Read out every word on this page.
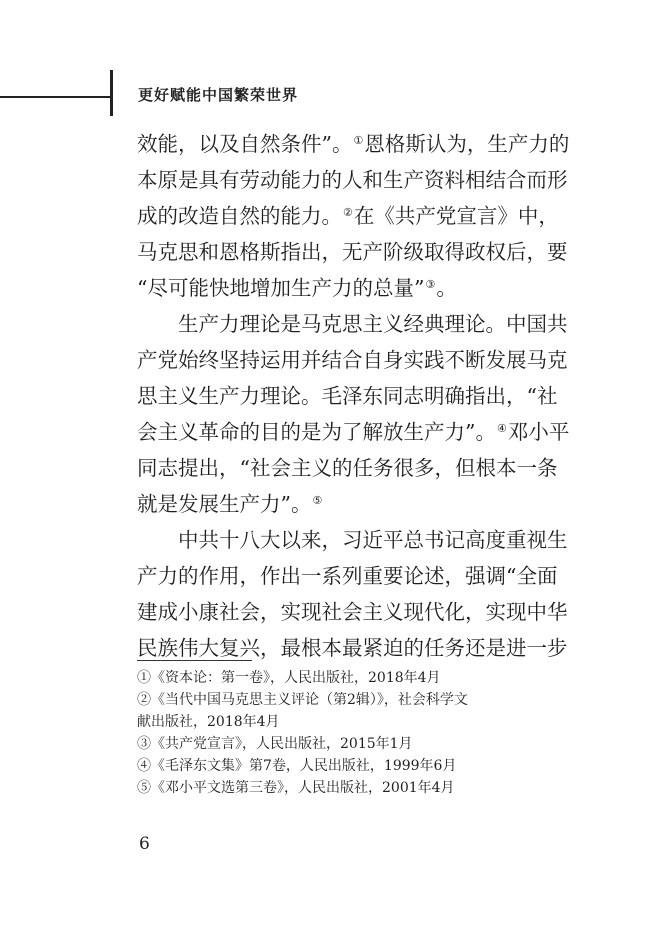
更好赋能中国繁荣世界
效能，以及自然条件”。①恩格斯认为，生产力的
本原是具有劳动能力的人和生产资料相结合而形
成的改造自然的能力。②在《共产党宣言》中，
马克思和恩格斯指出，无产阶级取得政权后，要
“尽可能快地增加生产力的总量”③。
生产力理论是马克思主义经典理论。中国共
产党始终坚持运用并结合自身实践不断发展马克
思主义生产力理论。毛泽东同志明确指出，“社
会主义革命的目的是为了解放生产力”。④邓小平
同志提出，“社会主义的任务很多，但根本一条
就是发展生产力”。⑤
中共十八大以来，习近平总书记高度重视生
产力的作用，作出一系列重要论述，强调“全面
建成小康社会，实现社会主义现代化，实现中华
民族伟大复兴，最根本最紧迫的任务还是进一步
①《资本论：第一卷》，人民出版社，2018年4月
②《当代中国马克思主义评论（第2辑）》，社会科学文
献出版社，2018年4月
③《共产党宣言》，人民出版社，2015年1月
④《毛泽东文集》第7卷，人民出版社，1999年6月
⑤《邓小平文选第三卷》，人民出版社，2001年4月
6
